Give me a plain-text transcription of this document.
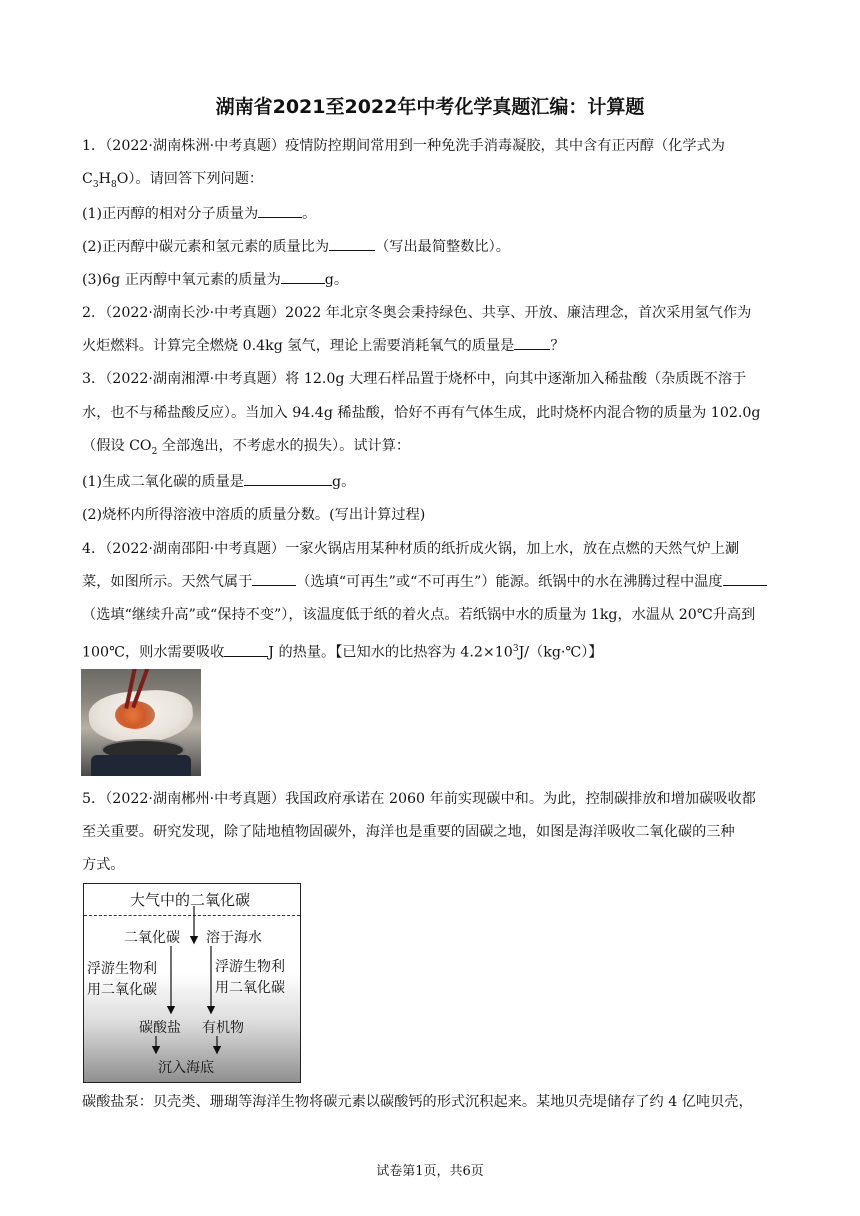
湖南省2021至2022年中考化学真题汇编：计算题
1．（2022·湖南株洲·中考真题）疫情防控期间常用到一种免洗手消毒凝胶，其中含有正丙醇（化学式为
$C_3H_8O$）。请回答下列问题：
(1)正丙醇的相对分子质量为	。
(2)正丙醇中碳元素和氢元素的质量比为	（写出最简整数比）。
(3)6g 正丙醇中氧元素的质量为	g。
2．（2022·湖南长沙·中考真题）2022 年北京冬奥会秉持绿色、共享、开放、廉洁理念，首次采用氢气作为
火炬燃料。计算完全燃烧 0.4kg 氢气，理论上需要消耗氧气的质量是	？
3．（2022·湖南湘潭·中考真题）将 12.0g 大理石样品置于烧杯中，向其中逐渐加入稀盐酸（杂质既不溶于
水，也不与稀盐酸反应）。当加入 94.4g 稀盐酸，恰好不再有气体生成，此时烧杯内混合物的质量为 102.0g
（假设 $CO_2$ 全部逸出，不考虑水的损失）。试计算：
(1)生成二氧化碳的质量是	g。
(2)烧杯内所得溶液中溶质的质量分数。(写出计算过程)
4．（2022·湖南邵阳·中考真题）一家火锅店用某种材质的纸折成火锅，加上水，放在点燃的天然气炉上涮
菜，如图所示。天然气属于	（选填“可再生”或“不可再生”）能源。纸锅中的水在沸腾过程中温度
（选填“继续升高”或“保持不变”），该温度低于纸的着火点。若纸锅中水的质量为 1kg，水温从 20℃升高到
100℃，则水需要吸收	J 的热量。【已知水的比热容为 $4.2\times 10^3J/(kg\cdot℃)$】
5．（2022·湖南郴州·中考真题）我国政府承诺在 2060 年前实现碳中和。为此，控制碳排放和增加碳吸收都
至关重要。研究发现，除了陆地植物固碳外，海洋也是重要的固碳之地，如图是海洋吸收二氧化碳的三种
方式。
大气中的二氧化碳
二氧化碳 溶于海水
浮游生物利
用二氧化碳
浮游生物利
用二氧化碳
碳酸盐 有机物
沉入海底
碳酸盐泵：贝壳类、珊瑚等海洋生物将碳元素以碳酸钙的形式沉积起来。某地贝壳堤储存了约 4 亿吨贝壳，
试卷第1页，共6页
